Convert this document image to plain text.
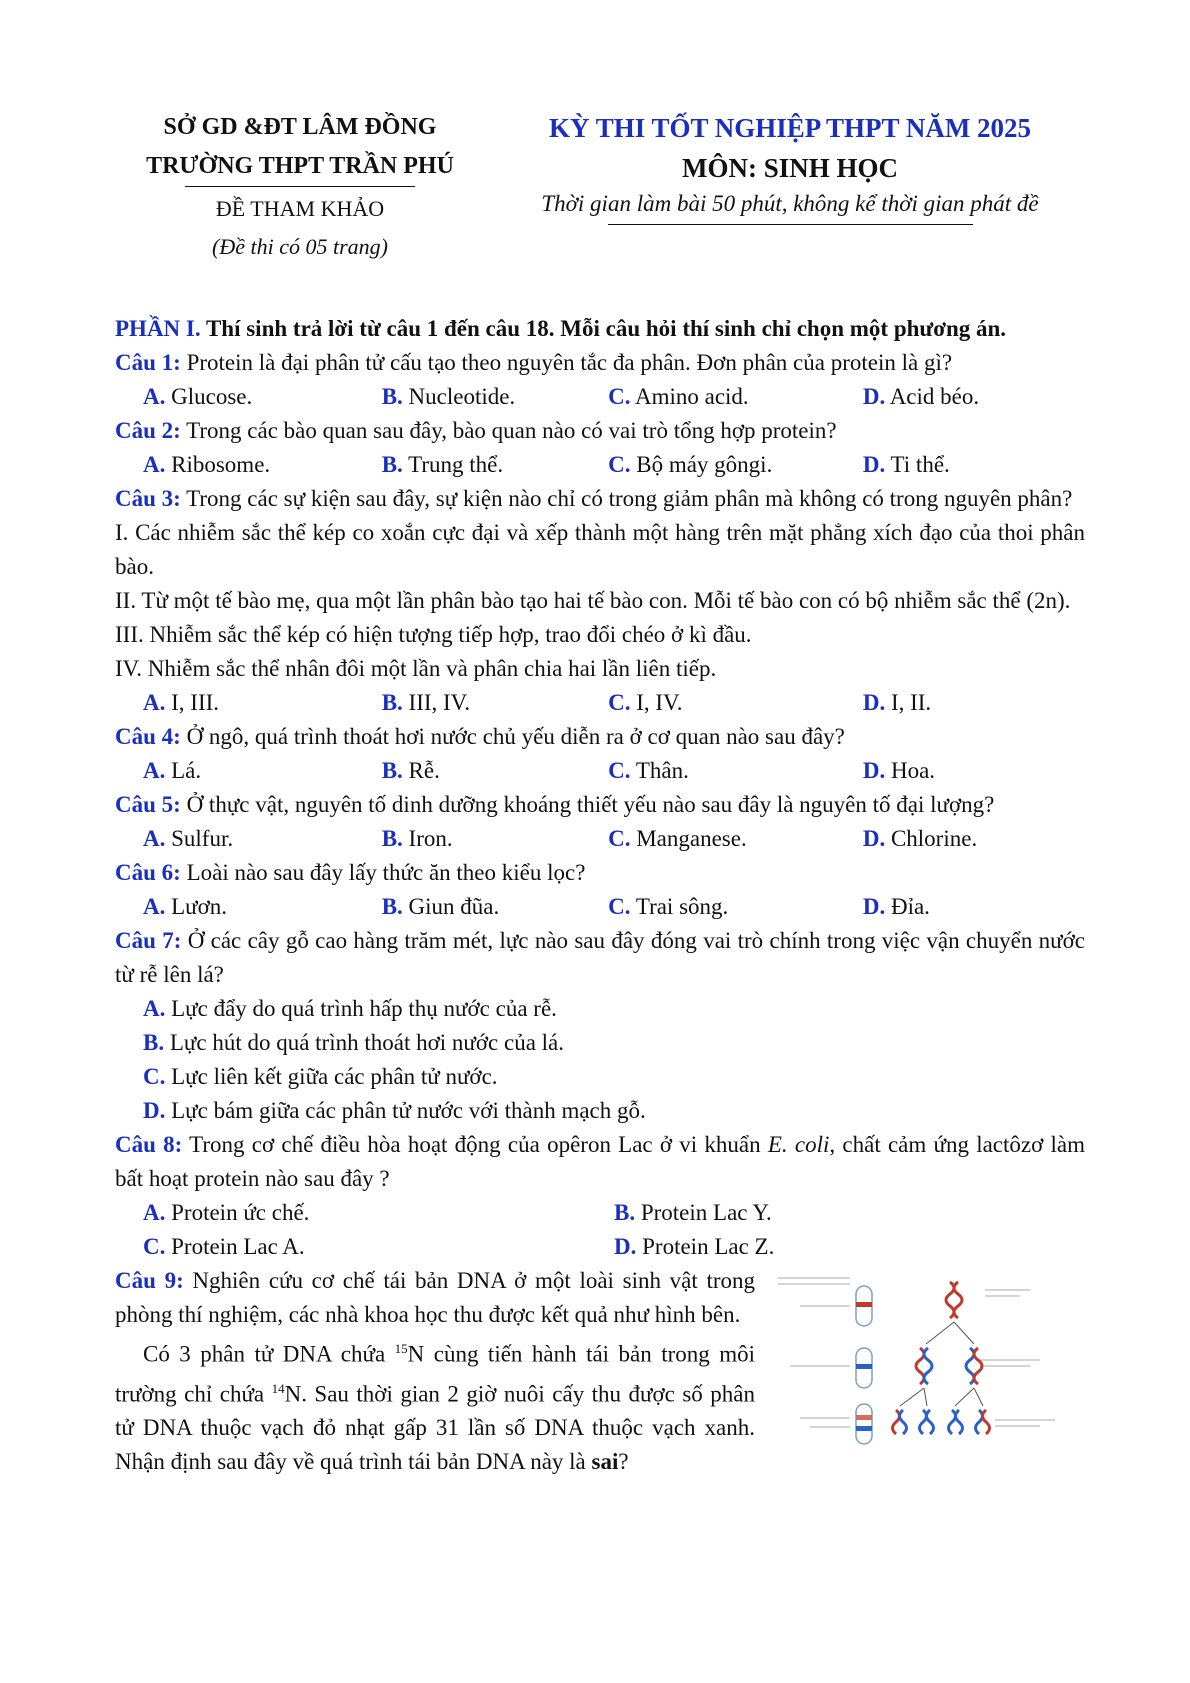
SỞ GD &ĐT LÂM ĐỒNG
TRƯỜNG THPT TRẦN PHÚ
ĐỀ THAM KHẢO
(Đề thi có 05 trang)
KỲ THI TỐT NGHIỆP THPT NĂM 2025
MÔN: SINH HỌC
Thời gian làm bài 50 phút, không kể thời gian phát đề
PHẦN I. Thí sinh trả lời từ câu 1 đến câu 18. Mỗi câu hỏi thí sinh chỉ chọn một phương án.
Câu 1: Protein là đại phân tử cấu tạo theo nguyên tắc đa phân. Đơn phân của protein là gì?
A. Glucose.	B. Nucleotide.	C. Amino acid.	D. Acid béo.
Câu 2: Trong các bào quan sau đây, bào quan nào có vai trò tổng hợp protein?
A. Ribosome.	B. Trung thể.	C. Bộ máy gôngi.	D. Ti thể.
Câu 3: Trong các sự kiện sau đây, sự kiện nào chỉ có trong giảm phân mà không có trong nguyên phân?
I. Các nhiễm sắc thể kép co xoắn cực đại và xếp thành một hàng trên mặt phẳng xích đạo của thoi phân bào.
II. Từ một tế bào mẹ, qua một lần phân bào tạo hai tế bào con. Mỗi tế bào con có bộ nhiễm sắc thể (2n).
III. Nhiễm sắc thể kép có hiện tượng tiếp hợp, trao đổi chéo ở kì đầu.
IV. Nhiễm sắc thể nhân đôi một lần và phân chia hai lần liên tiếp.
A. I, III.	B. III, IV.	C. I, IV.	D. I, II.
Câu 4: Ở ngô, quá trình thoát hơi nước chủ yếu diễn ra ở cơ quan nào sau đây?
A. Lá.	B. Rễ.	C. Thân.	D. Hoa.
Câu 5: Ở thực vật, nguyên tố dinh dưỡng khoáng thiết yếu nào sau đây là nguyên tố đại lượng?
A. Sulfur.	B. Iron.	C. Manganese.	D. Chlorine.
Câu 6: Loài nào sau đây lấy thức ăn theo kiểu lọc?
A. Lươn.	B. Giun đũa.	C. Trai sông.	D. Đỉa.
Câu 7: Ở các cây gỗ cao hàng trăm mét, lực nào sau đây đóng vai trò chính trong việc vận chuyển nước từ rễ lên lá?
A. Lực đẩy do quá trình hấp thụ nước của rễ.
B. Lực hút do quá trình thoát hơi nước của lá.
C. Lực liên kết giữa các phân tử nước.
D. Lực bám giữa các phân tử nước với thành mạch gỗ.
Câu 8: Trong cơ chế điều hòa hoạt động của opêron Lac ở vi khuẩn E. coli, chất cảm ứng lactôzơ làm bất hoạt protein nào sau đây ?
A. Protein ức chế.	B. Protein Lac Y.
C. Protein Lac A.	D. Protein Lac Z.
Câu 9: Nghiên cứu cơ chế tái bản DNA ở một loài sinh vật trong phòng thí nghiệm, các nhà khoa học thu được kết quả như hình bên.
Có 3 phân tử DNA chứa $^{15}$N cùng tiến hành tái bản trong môi trường chỉ chứa $^{14}$N. Sau thời gian 2 giờ nuôi cấy thu được số phân tử DNA thuộc vạch đỏ nhạt gấp 31 lần số DNA thuộc vạch xanh. Nhận định sau đây về quá trình tái bản DNA này là sai?
